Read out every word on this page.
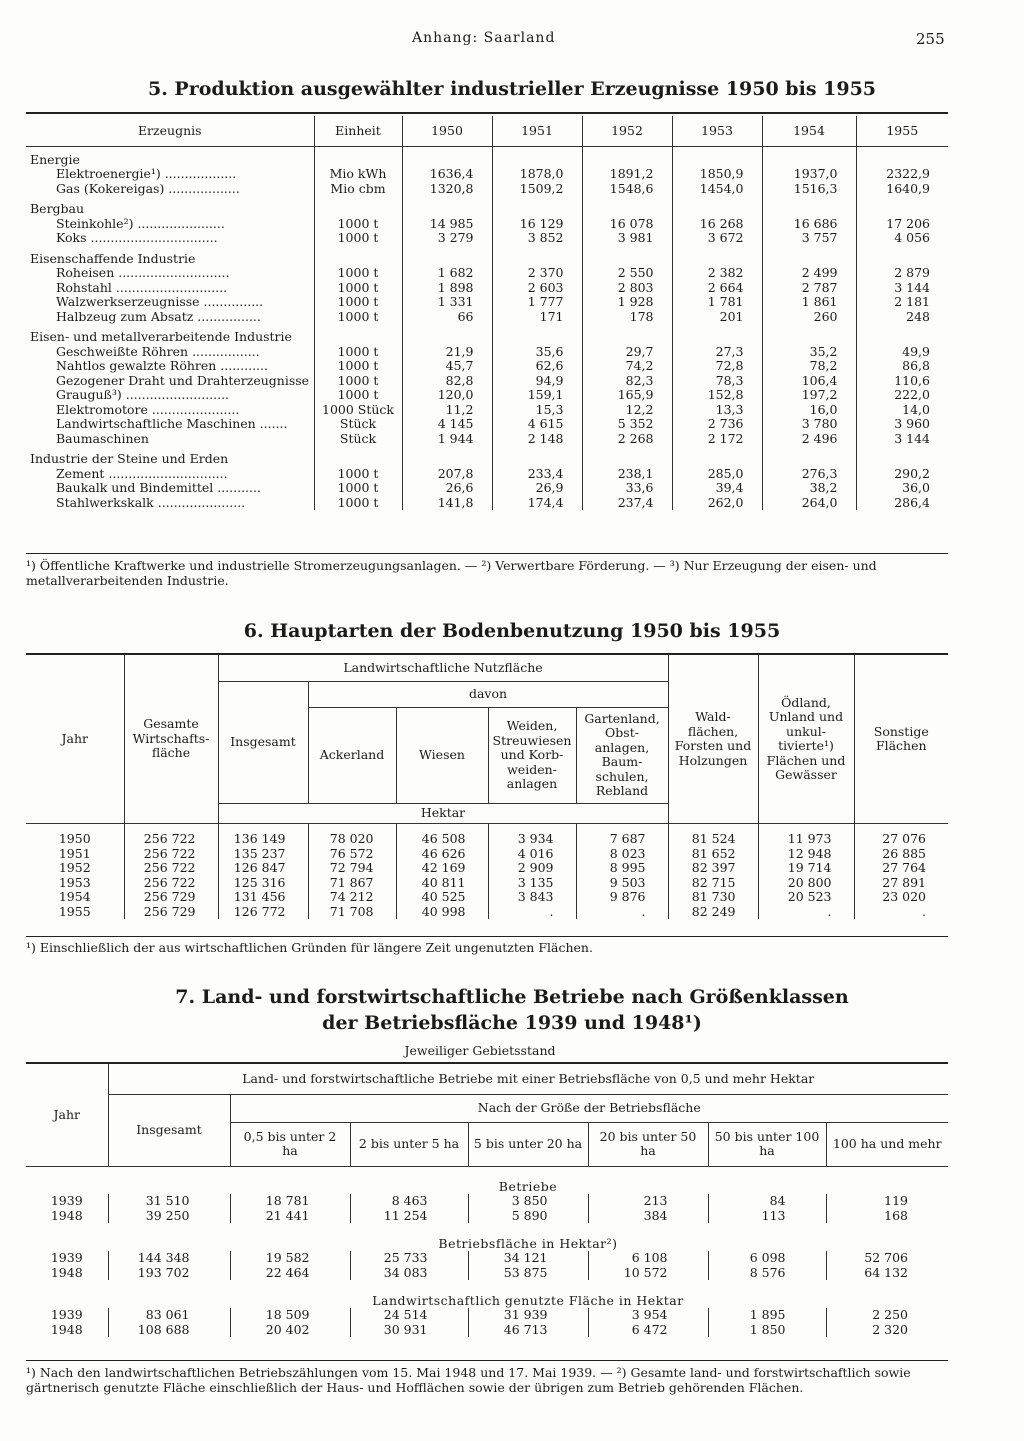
Anhang: Saarland	255
5. Produktion ausgewählter industrieller Erzeugnisse 1950 bis 1955
Erzeugnis	Einheit	1950	1951	1952	1953	1954	1955
Energie							
Elektroenergie¹) ..................	Mio kWh	1636,4	1878,0	1891,2	1850,9	1937,0	2322,9
Gas (Kokereigas) ..................	Mio cbm	1320,8	1509,2	1548,6	1454,0	1516,3	1640,9
Bergbau							
Steinkohle²) ......................	1000 t	14 985	16 129	16 078	16 268	16 686	17 206
Koks ................................	1000 t	3 279	3 852	3 981	3 672	3 757	4 056
Eisenschaffende Industrie							
Roheisen ............................	1000 t	1 682	2 370	2 550	2 382	2 499	2 879
Rohstahl ............................	1000 t	1 898	2 603	2 803	2 664	2 787	3 144
Walzwerkserzeugnisse ...............	1000 t	1 331	1 777	1 928	1 781	1 861	2 181
Halbzeug zum Absatz ................	1000 t	66	171	178	201	260	248
Eisen- und metallverarbeitende Industrie							
Geschweißte Röhren .................	1000 t	21,9	35,6	29,7	27,3	35,2	49,9
Nahtlos gewalzte Röhren ............	1000 t	45,7	62,6	74,2	72,8	78,2	86,8
Gezogener Draht und Drahterzeugnisse	1000 t	82,8	94,9	82,3	78,3	106,4	110,6
Grauguß³) ..........................	1000 t	120,0	159,1	165,9	152,8	197,2	222,0
Elektromotore ......................	1000 Stück	11,2	15,3	12,2	13,3	16,0	14,0
Landwirtschaftliche Maschinen .......	Stück	4 145	4 615	5 352	2 736	3 780	3 960
Baumaschinen	Stück	1 944	2 148	2 268	2 172	2 496	3 144
Industrie der Steine und Erden							
Zement ..............................	1000 t	207,8	233,4	238,1	285,0	276,3	290,2
Baukalk und Bindemittel ...........	1000 t	26,6	26,9	33,6	39,4	38,2	36,0
Stahlwerkskalk ......................	1000 t	141,8	174,4	237,4	262,0	264,0	286,4
¹) Öffentliche Kraftwerke und industrielle Stromerzeugungsanlagen. — ²) Verwertbare Förderung. — ³) Nur Erzeugung der eisen- und metallverarbeitenden Industrie.
6. Hauptarten der Bodenbenutzung 1950 bis 1955
Jahr	Gesamte Wirtschafts-fläche	Landwirtschaftliche Nutzfläche					Wald-flächen, Forsten und Holzungen	Ödland, Unland und unkul-tivierte¹) Flächen und Gewässer	Sonstige Flächen
		Insgesamt	davon						
			Ackerland	Wiesen	Weiden, Streuwiesen und Korb-weiden-anlagen	Gartenland, Obst-anlagen, Baum-schulen, Rebland			

		Hektar							
1950	256 722	136 149	78 020	46 508	3 934	7 687	81 524	11 973	27 076
1951	256 722	135 237	76 572	46 626	4 016	8 023	81 652	12 948	26 885
1952	256 722	126 847	72 794	42 169	2 909	8 995	82 397	19 714	27 764
1953	256 722	125 316	71 867	40 811	3 135	9 503	82 715	20 800	27 891
1954	256 729	131 456	74 212	40 525	3 843	9 876	81 730	20 523	23 020
1955	256 729	126 772	71 708	40 998	.	.	82 249	.	.
¹) Einschließlich der aus wirtschaftlichen Gründen für längere Zeit ungenutzten Flächen.
7. Land- und forstwirtschaftliche Betriebe nach Größenklassen
der Betriebsfläche 1939 und 1948¹)
Jeweiliger Gebietsstand
Jahr	Land- und forstwirtschaftliche Betriebe mit einer Betriebsfläche von 0,5 und mehr Hektar						
	Insgesamt	Nach der Größe der Betriebsfläche					
		0,5 bis unter 2 ha	2 bis unter 5 ha	5 bis unter 20 ha	20 bis unter 50 ha	50 bis unter 100 ha	100 ha und mehr
	Betriebe						
1939	31 510	18 781	8 463	3 850	213	84	119
1948	39 250	21 441	11 254	5 890	384	113	168
	Betriebsfläche in Hektar²)						
1939	144 348	19 582	25 733	34 121	6 108	6 098	52 706
1948	193 702	22 464	34 083	53 875	10 572	8 576	64 132
	Landwirtschaftlich genutzte Fläche in Hektar						
1939	83 061	18 509	24 514	31 939	3 954	1 895	2 250
1948	108 688	20 402	30 931	46 713	6 472	1 850	2 320
¹) Nach den landwirtschaftlichen Betriebszählungen vom 15. Mai 1948 und 17. Mai 1939. — ²) Gesamte land- und forstwirtschaftlich sowie gärtnerisch genutzte Fläche einschließlich der Haus- und Hofflächen sowie der übrigen zum Betrieb gehörenden Flächen.
